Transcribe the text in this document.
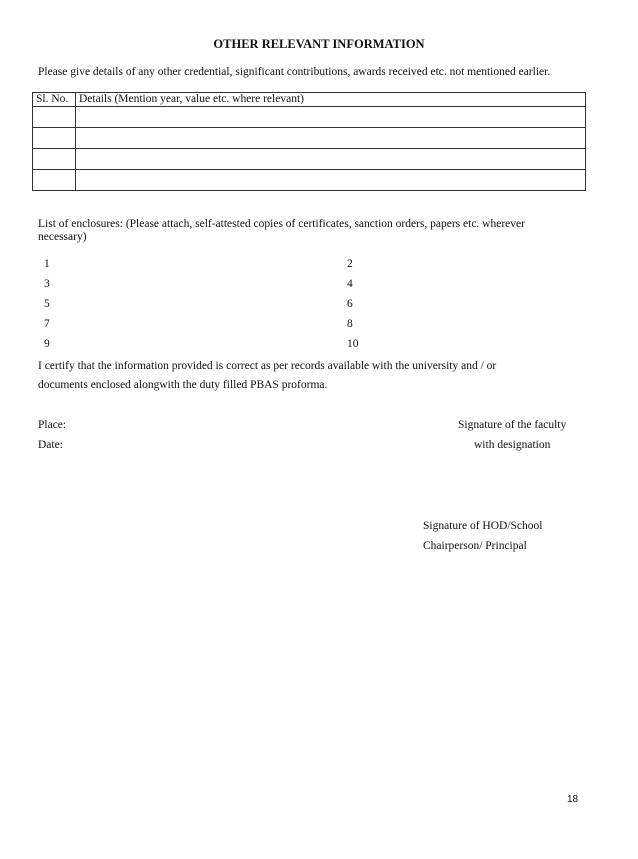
OTHER RELEVANT INFORMATION
Please give details of any other credential, significant contributions, awards received etc. not mentioned earlier.
Sl. No.	Details (Mention year, value etc. where relevant)

List of enclosures: (Please attach, self-attested copies of certificates, sanction orders, papers etc. wherever necessary)
1	2
3	4
5	6
7	8
9	10
I certify that the information provided is correct as per records available with the university and / or
documents enclosed alongwith the duty filled PBAS proforma.
Place:
Date:
Signature of the faculty
with designation
Signature of HOD/School
Chairperson/ Principal
18
